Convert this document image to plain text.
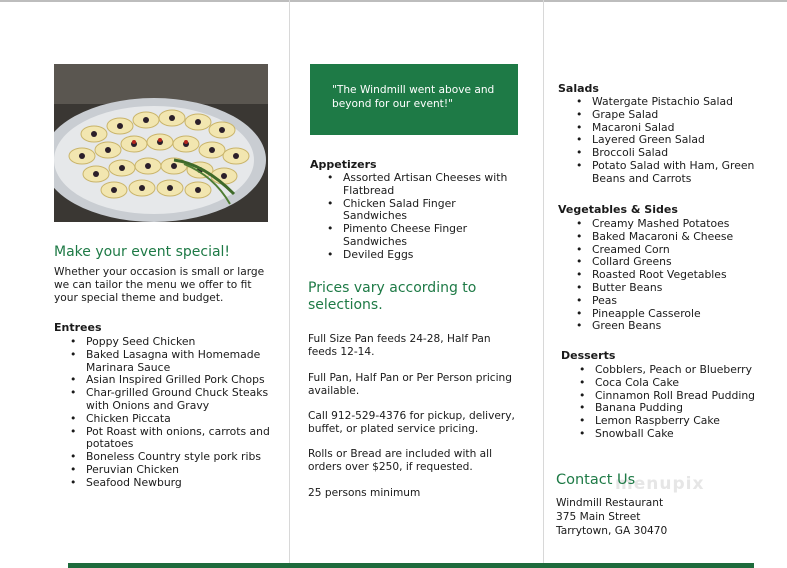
Make your event special!

Whether your occasion is small or large we can tailor the menu we offer to fit your special theme and budget.

Entrees
• Poppy Seed Chicken
• Baked Lasagna with Homemade Marinara Sauce
• Asian Inspired Grilled Pork Chops
• Char-grilled Ground Chuck Steaks with Onions and Gravy
• Chicken Piccata
• Pot Roast with onions, carrots and potatoes
• Boneless Country style pork ribs
• Peruvian Chicken
• Seafood Newburg
"The Windmill went above and beyond for our event!"
Appetizers
• Assorted Artisan Cheeses with Flatbread
• Chicken Salad Finger Sandwiches
• Pimento Cheese Finger Sandwiches
• Deviled Eggs
Prices vary according to selections.

Full Size Pan feeds 24-28, Half Pan feeds 12-14.

Full Pan, Half Pan or Per Person pricing available.

Call 912-529-4376 for pickup, delivery, buffet, or plated service pricing.

Rolls or Bread are included with all orders over $250, if requested.

25 persons minimum

Salads
• Watergate Pistachio Salad
• Grape Salad
• Macaroni Salad
• Layered Green Salad
• Broccoli Salad
• Potato Salad with Ham, Green Beans and Carrots
Vegetables & Sides
• Creamy Mashed Potatoes
• Baked Macaroni & Cheese
• Creamed Corn
• Collard Greens
• Roasted Root Vegetables
• Butter Beans
• Peas
• Pineapple Casserole
• Green Beans
Desserts
• Cobblers, Peach or Blueberry
• Coca Cola Cake
• Cinnamon Roll Bread Pudding
• Banana Pudding
• Lemon Raspberry Cake
• Snowball Cake
menupix
Contact Us
Windmill Restaurant
375 Main Street
Tarrytown, GA 30470
